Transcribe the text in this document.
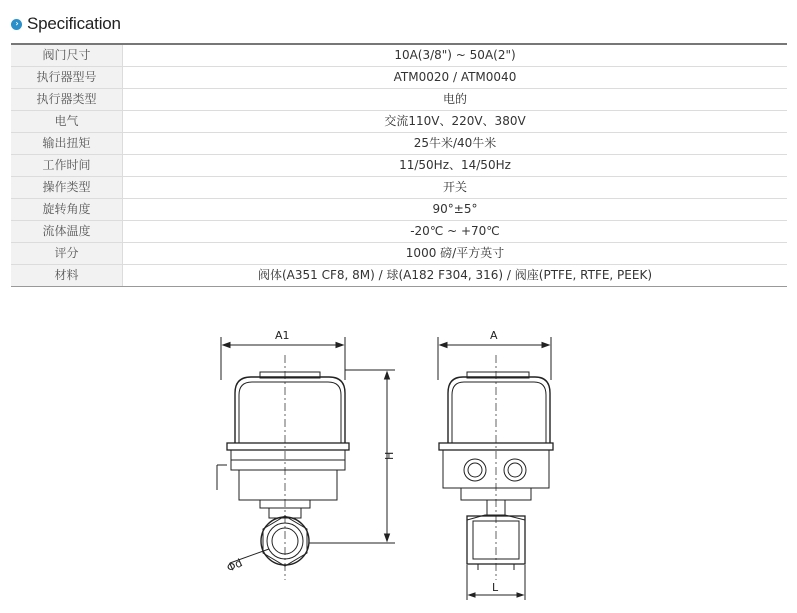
› Specification
阀门尺寸	10A(3/8") ~ 50A(2")
执行器型号	ATM0020 / ATM0040
执行器类型	电的
电气	交流110V、220V、380V
输出扭矩	25牛米/40牛米
工作时间	11/50Hz、14/50Hz
操作类型	开关
旋转角度	90°±5°
流体温度	-20℃ ~ +70℃
评分	1000 磅/平方英寸
材料	阀体(A351 CF8, 8M) / 球(A182 F304, 316) / 阀座(PTFE, RTFE, PEEK)
A1	A
H
Φd
L
